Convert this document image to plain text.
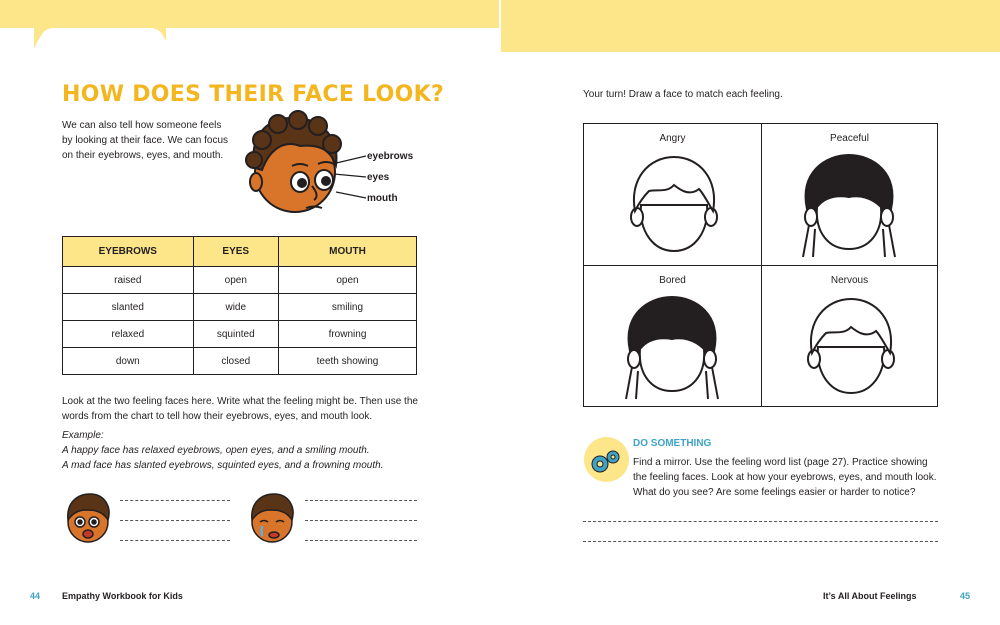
HOW DOES THEIR FACE LOOK?
We can also tell how someone feels by looking at their face. We can focus on their eyebrows, eyes, and mouth.	eyebrows
eyes
mouth
EYEBROWS	EYES	MOUTH
raised	open	open
slanted	wide	smiling
relaxed	squinted	frowning
down	closed	teeth showing
Look at the two feeling faces here. Write what the feeling might be. Then use the words from the chart to tell how their eyebrows, eyes, and mouth look.
Example:
A happy face has relaxed eyebrows, open eyes, and a smiling mouth.
A mad face has slanted eyebrows, squinted eyes, and a frowning mouth.
44 Empathy Workbook for Kids
Your turn! Draw a face to match each feeling.
Angry	Peaceful
Bored	Nervous
DO SOMETHING
Find a mirror. Use the feeling word list (page 27). Practice showing the feeling faces. Look at how your eyebrows, eyes, and mouth look. What do you see? Are some feelings easier or harder to notice?
It’s All About Feelings	45
